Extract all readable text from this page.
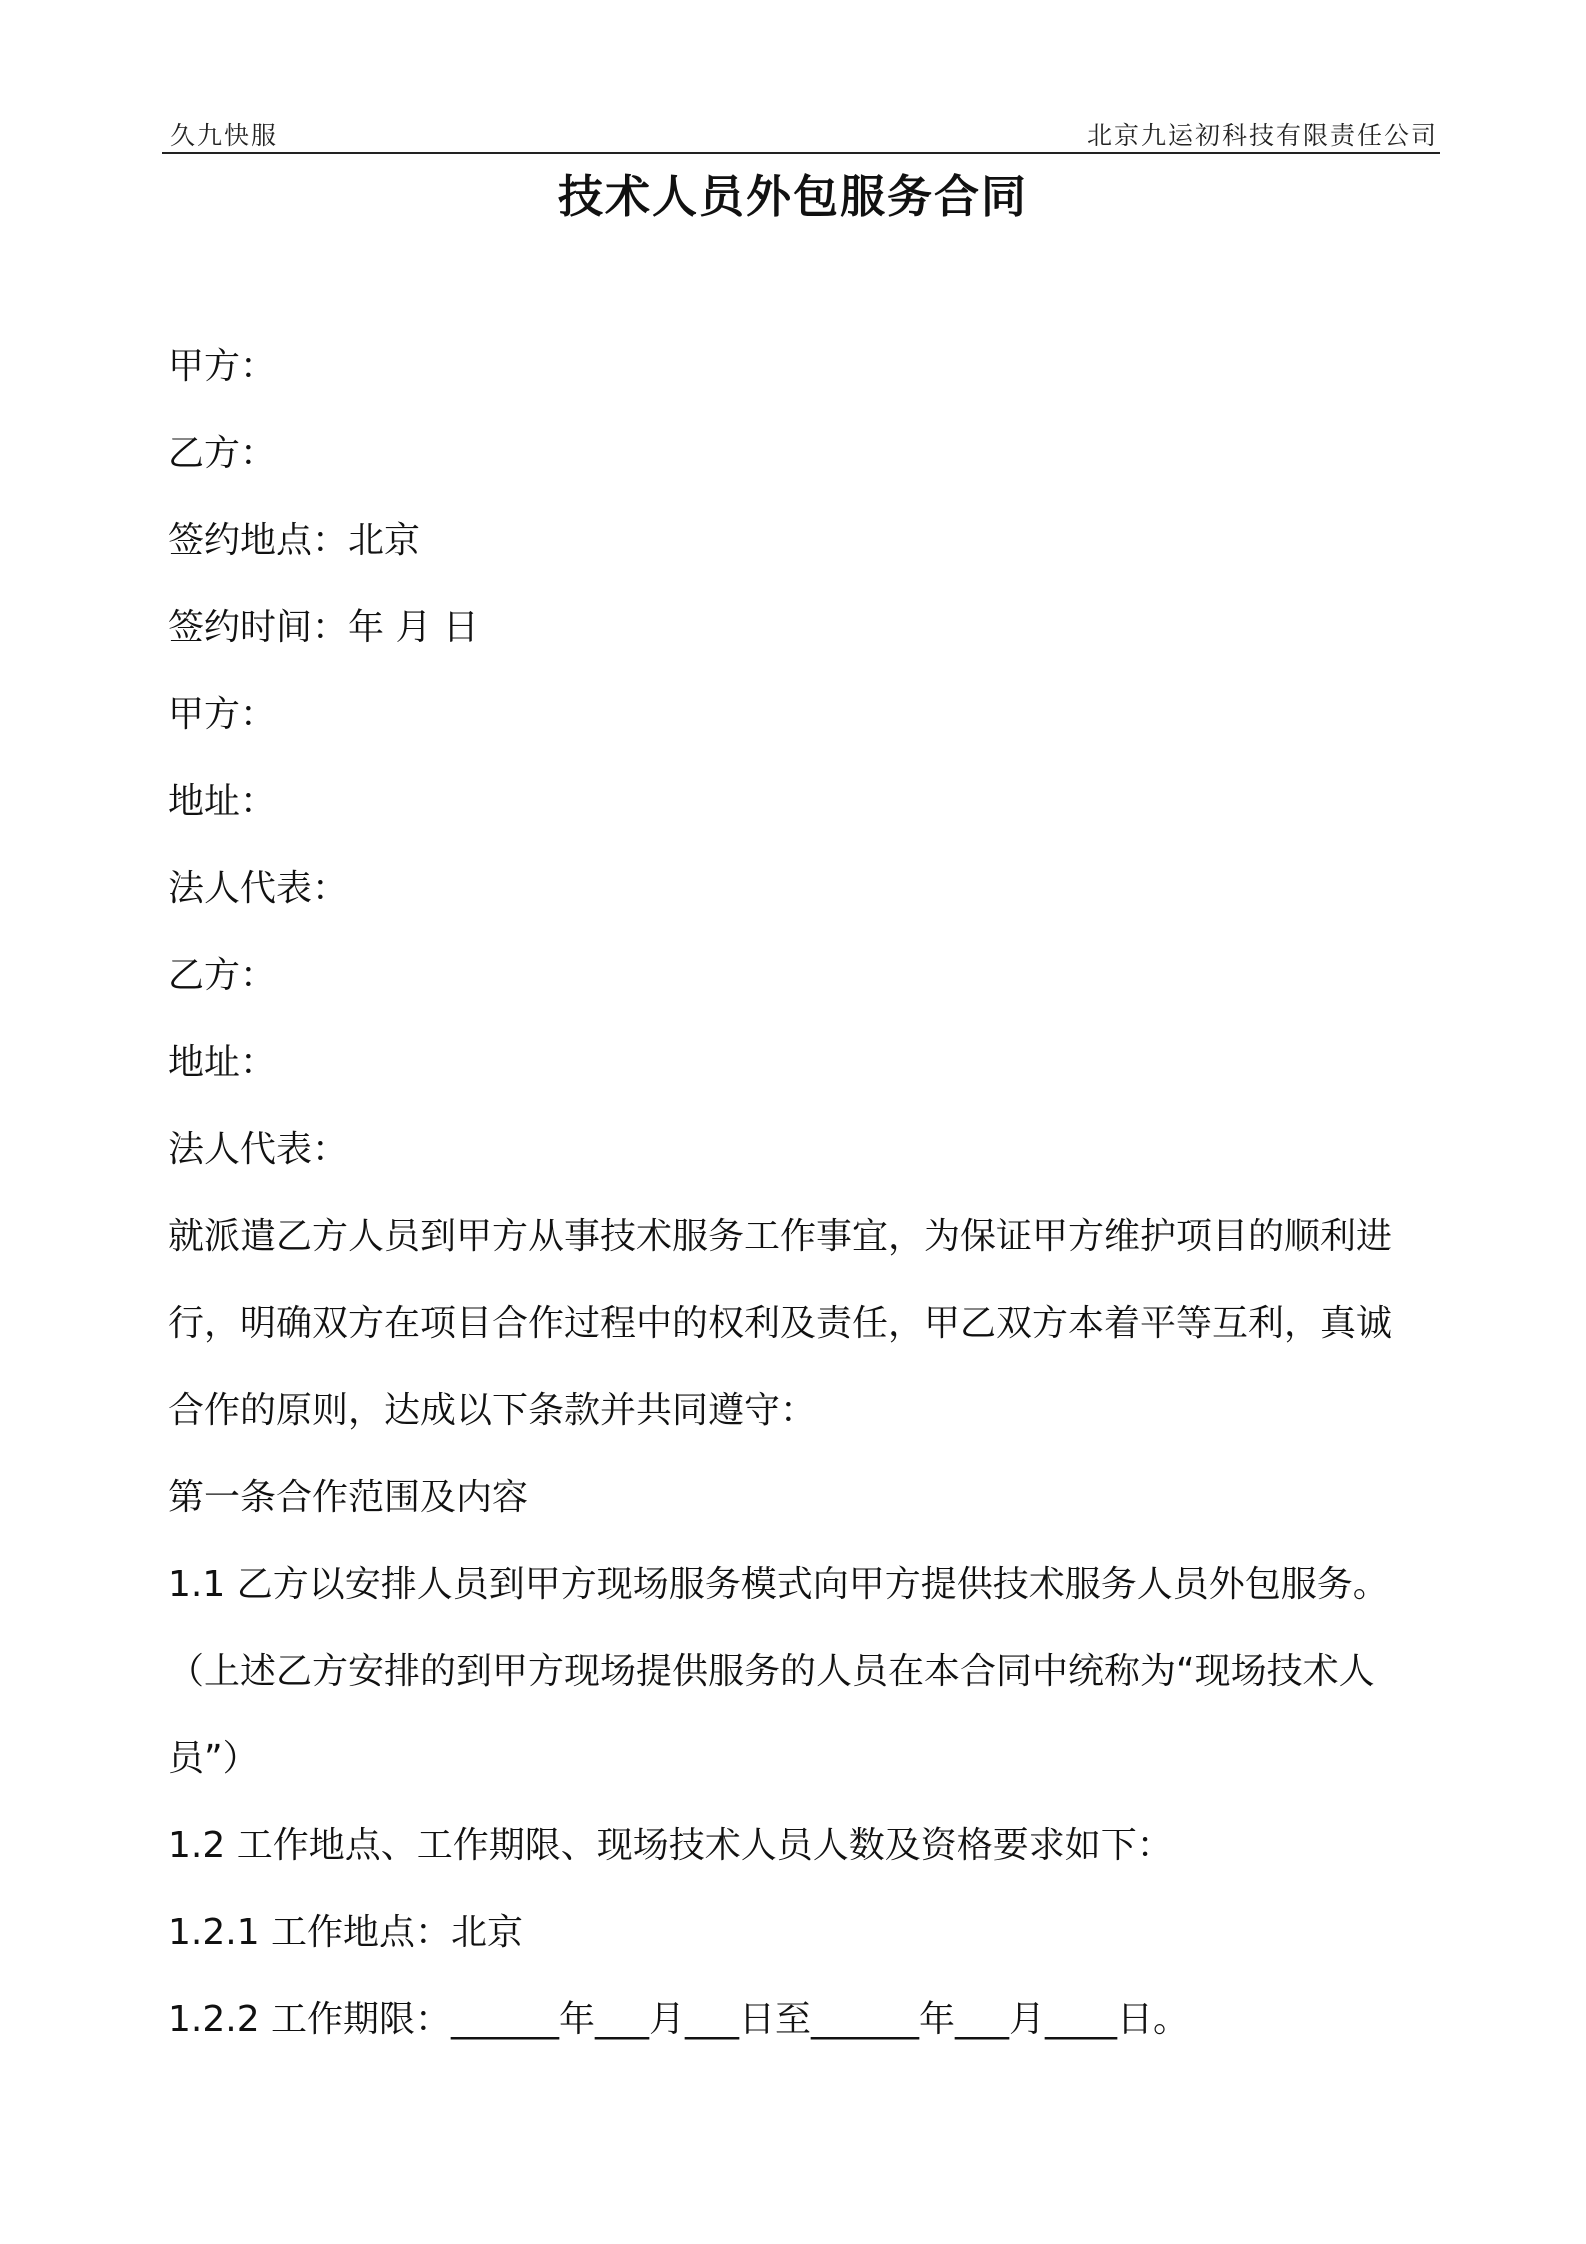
久九快服	北京九运初科技有限责任公司
技术人员外包服务合同
甲方：
乙方：
签约地点：北京
签约时间：年 月 日
甲方：
地址：
法人代表：
乙方：
地址：
法人代表：
就派遣乙方人员到甲方从事技术服务工作事宜，为保证甲方维护项目的顺利进
行，明确双方在项目合作过程中的权利及责任，甲乙双方本着平等互利，真诚
合作的原则，达成以下条款并共同遵守：
第一条合作范围及内容
1.1 乙方以安排人员到甲方现场服务模式向甲方提供技术服务人员外包服务。
（上述乙方安排的到甲方现场提供服务的人员在本合同中统称为“现场技术人
员”）
1.2 工作地点、工作期限、现场技术人员人数及资格要求如下：
1.2.1 工作地点：北京
1.2.2 工作期限：______年___月___日至______年___月____日。
